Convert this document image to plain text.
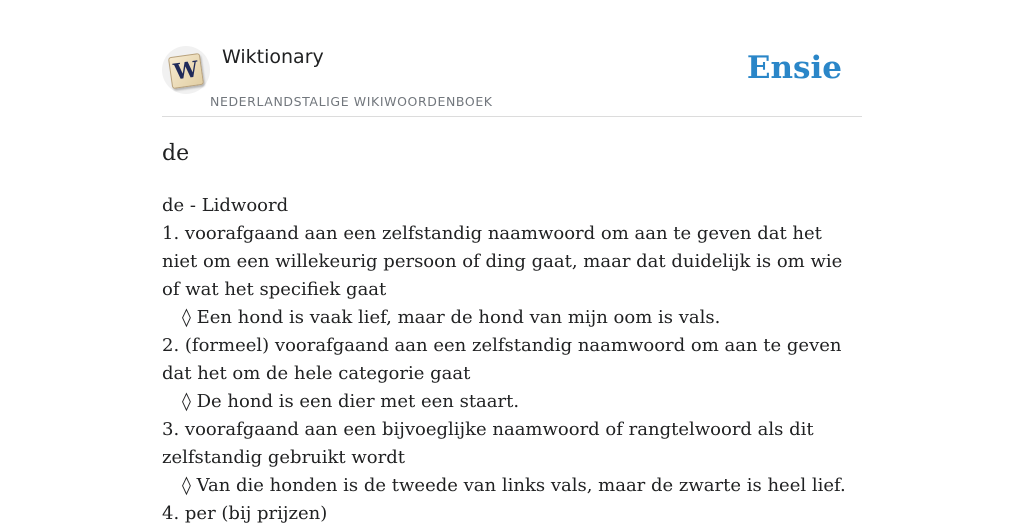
W Wiktionary
NEDERLANDSTALIGE WIKIWOORDENBOEK
Ensie
de

de - Lidwoord

1. voorafgaand aan een zelfstandig naamwoord om aan te geven dat het niet om een willekeurig persoon of ding gaat, maar dat duidelijk is om wie of wat het specifiek gaat

◊ Een hond is vaak lief, maar de hond van mijn oom is vals.

2. (formeel) voorafgaand aan een zelfstandig naamwoord om aan te geven dat het om de hele categorie gaat

◊ De hond is een dier met een staart.

3. voorafgaand aan een bijvoeglijke naamwoord of rangtelwoord als dit zelfstandig gebruikt wordt

◊ Van die honden is de tweede van links vals, maar de zwarte is heel lief.

4. per (bij prijzen)
